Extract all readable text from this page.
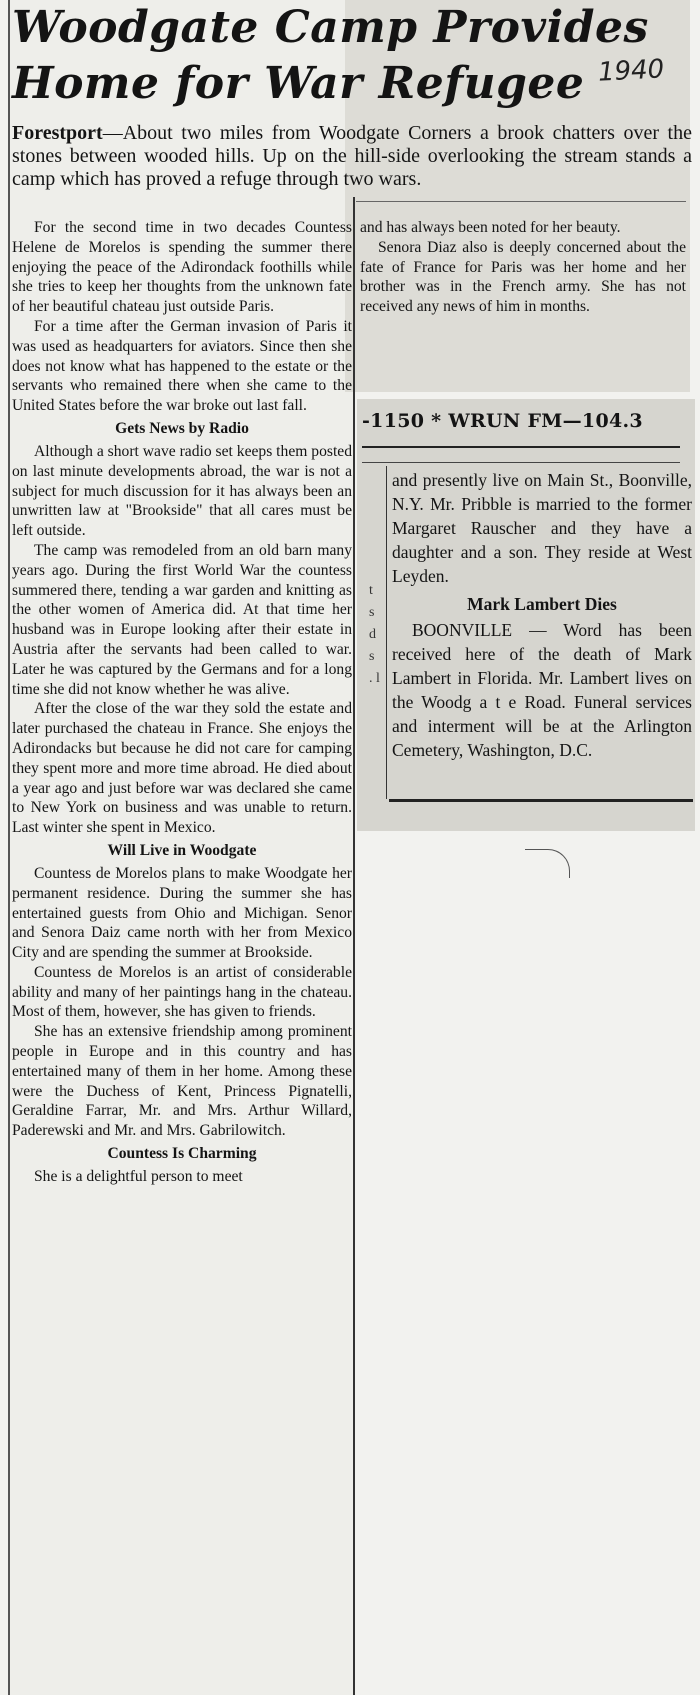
Woodgate Camp Provides
Home for War Refugee 1940

Forestport—About two miles from Woodgate Corners a brook chatters over the stones between wooded hills. Up on the hill-side overlooking the stream stands a camp which has proved a refuge through two wars.

For the second time in two decades Countess Helene de Morelos is spending the summer there enjoying the peace of the Adirondack foothills while she tries to keep her thoughts from the unknown fate of her beautiful chateau just outside Paris.

For a time after the German invasion of Paris it was used as headquarters for aviators. Since then she does not know what has happened to the estate or the servants who remained there when she came to the United States before the war broke out last fall.

Gets News by Radio

Although a short wave radio set keeps them posted on last minute developments abroad, the war is not a subject for much discussion for it has always been an unwritten law at "Brookside" that all cares must be left outside.

The camp was remodeled from an old barn many years ago. During the first World War the countess summered there, tending a war garden and knitting as the other women of America did. At that time her husband was in Europe looking after their estate in Austria after the servants had been called to war. Later he was captured by the Germans and for a long time she did not know whether he was alive.

After the close of the war they sold the estate and later purchased the chateau in France. She enjoys the Adirondacks but because he did not care for camping they spent more and more time abroad. He died about a year ago and just before war was declared she came to New York on business and was unable to return. Last winter she spent in Mexico.

Will Live in Woodgate

Countess de Morelos plans to make Woodgate her permanent residence. During the summer she has entertained guests from Ohio and Michigan. Senor and Senora Daiz came north with her from Mexico City and are spending the summer at Brookside.

Countess de Morelos is an artist of considerable ability and many of her paintings hang in the chateau. Most of them, however, she has given to friends.

She has an extensive friendship among prominent people in Europe and in this country and has entertained many of them in her home. Among these were the Duchess of Kent, Princess Pignatelli, Geraldine Farrar, Mr. and Mrs. Arthur Willard, Paderewski and Mr. and Mrs. Gabrilowitch.

Countess Is Charming

She is a delightful person to meet

and has always been noted for her beauty.

Senora Diaz also is deeply concerned about the fate of France for Paris was her home and her brother was in the French army. She has not received any news of him in months.

-1150 * WRUN FM—104.3
t s d s . l

and presently live on Main St., Boonville, N.Y. Mr. Pribble is married to the former Margaret Rauscher and they have a daughter and a son. They reside at West Leyden.

Mark Lambert Dies

BOONVILLE — Word has been received here of the death of Mark Lambert in Florida. Mr. Lambert lives on the Woodg a t e Road. Funeral services and interment will be at the Arlington Cemetery, Washington, D.C.
